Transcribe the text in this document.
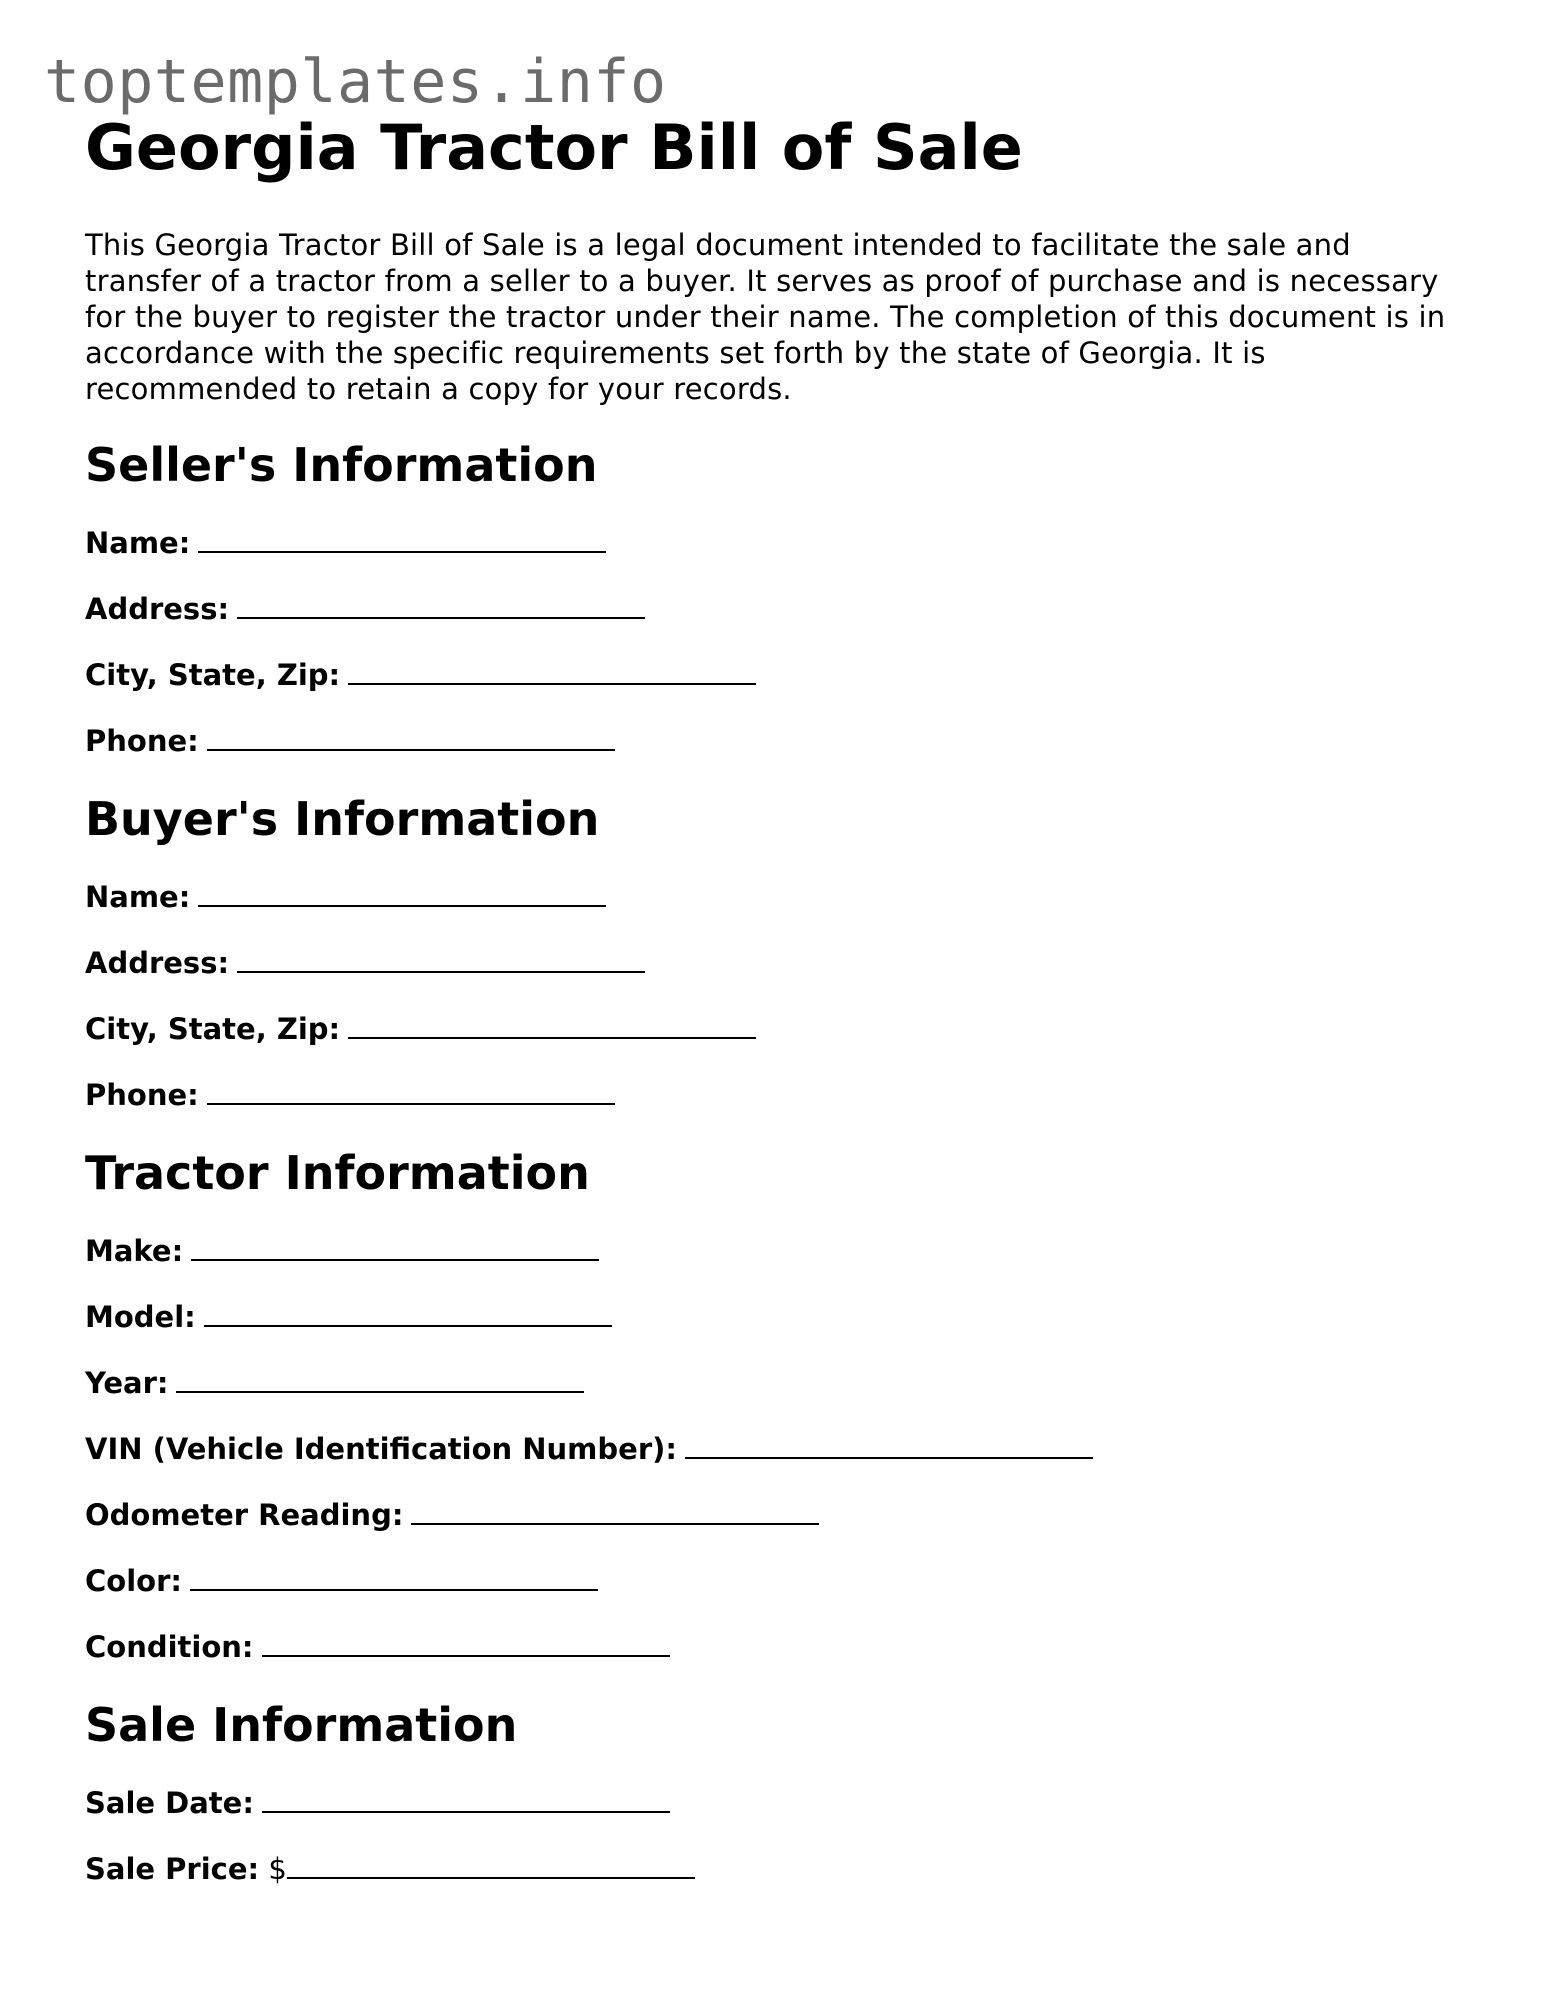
toptemplates.info
Georgia Tractor Bill of Sale

This Georgia Tractor Bill of Sale is a legal document intended to facilitate the sale and transfer of a tractor from a seller to a buyer. It serves as proof of purchase and is necessary for the buyer to register the tractor under their name. The completion of this document is in accordance with the specific requirements set forth by the state of Georgia. It is recommended to retain a copy for your records.

Seller's Information
Name:
Address:
City, State, Zip:
Phone:
Buyer's Information
Name:
Address:
City, State, Zip:
Phone:
Tractor Information
Make:
Model:
Year:
VIN (Vehicle Identification Number):
Odometer Reading:
Color:
Condition:
Sale Information
Sale Date:
Sale Price: $
